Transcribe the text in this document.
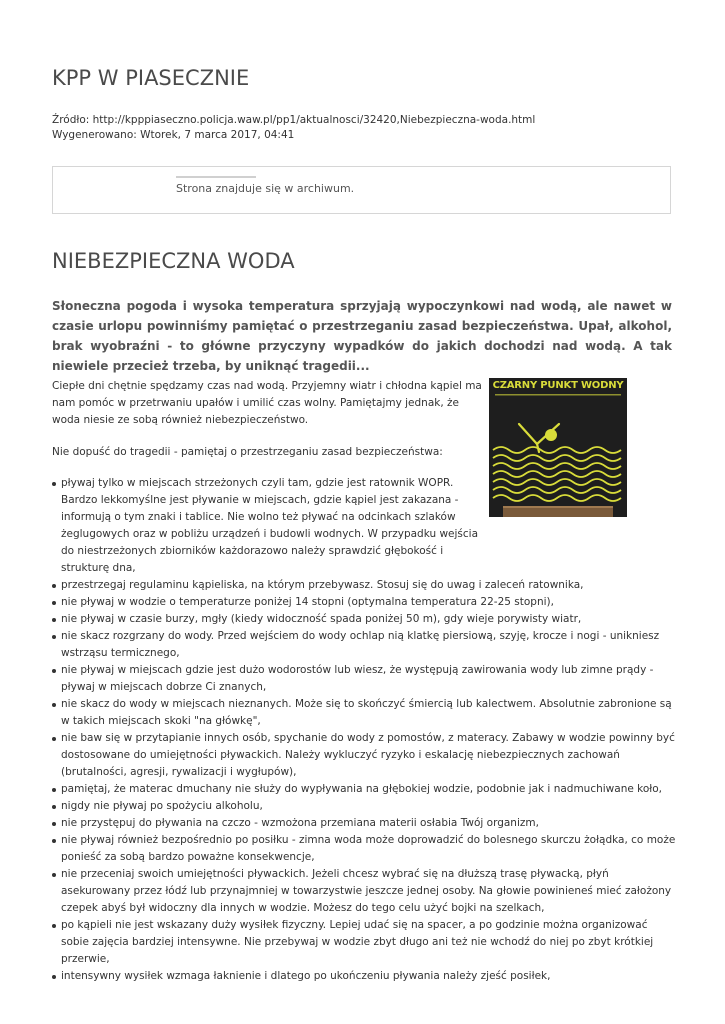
KPP W PIASECZNIE
Źródło: http://kpppiaseczno.policja.waw.pl/pp1/aktualnosci/32420,Niebezpieczna-woda.html
Wygenerowano: Wtorek, 7 marca 2017, 04:41
Strona znajduje się w archiwum.
NIEBEZPIECZNA WODA

Słoneczna pogoda i wysoka temperatura sprzyjają wypoczynkowi nad wodą, ale nawet w czasie urlopu powinniśmy pamiętać o przestrzeganiu zasad bezpieczeństwa. Upał, alkohol, brak wyobraźni - to główne przyczyny wypadków do jakich dochodzi nad wodą. A tak niewiele przecież trzeba, by uniknąć tragedii...

Ciepłe dni chętnie spędzamy czas nad wodą. Przyjemny wiatr i chłodna kąpiel ma nam pomóc w przetrwaniu upałów i umilić czas wolny. Pamiętajmy jednak, że woda niesie ze sobą również niebezpieczeństwo.

CZARNY PUNKT WODNY

Nie dopuść do tragedii - pamiętaj o przestrzeganiu zasad bezpieczeństwa:

pływaj tylko w miejscach strzeżonych czyli tam, gdzie jest ratownik WOPR. Bardzo lekkomyślne jest pływanie w miejscach, gdzie kąpiel jest zakazana - informują o tym znaki i tablice. Nie wolno też pływać na odcinkach szlaków żeglugowych oraz w pobliżu urządzeń i budowli wodnych. W przypadku wejścia do niestrzeżonych zbiorników każdorazowo należy sprawdzić głębokość i strukturę dna,
przestrzegaj regulaminu kąpieliska, na którym przebywasz. Stosuj się do uwag i zaleceń ratownika,
nie pływaj w wodzie o temperaturze poniżej 14 stopni (optymalna temperatura 22-25 stopni),
nie pływaj w czasie burzy, mgły (kiedy widoczność spada poniżej 50 m), gdy wieje porywisty wiatr,
nie skacz rozgrzany do wody. Przed wejściem do wody ochlap nią klatkę piersiową, szyję, krocze i nogi - unikniesz wstrząsu termicznego,
nie pływaj w miejscach gdzie jest dużo wodorostów lub wiesz, że występują zawirowania wody lub zimne prądy - pływaj w miejscach dobrze Ci znanych,
nie skacz do wody w miejscach nieznanych. Może się to skończyć śmiercią lub kalectwem. Absolutnie zabronione są w takich miejscach skoki "na główkę",
nie baw się w przytapianie innych osób, spychanie do wody z pomostów, z materacy. Zabawy w wodzie powinny być dostosowane do umiejętności pływackich. Należy wykluczyć ryzyko i eskalację niebezpiecznych zachowań (brutalności, agresji, rywalizacji i wygłupów),
pamiętaj, że materac dmuchany nie służy do wypływania na głębokiej wodzie, podobnie jak i nadmuchiwane koło,
nigdy nie pływaj po spożyciu alkoholu,
nie przystępuj do pływania na czczo - wzmożona przemiana materii osłabia Twój organizm,
nie pływaj również bezpośrednio po posiłku - zimna woda może doprowadzić do bolesnego skurczu żołądka, co może ponieść za sobą bardzo poważne konsekwencje,
nie przeceniaj swoich umiejętności pływackich. Jeżeli chcesz wybrać się na dłuższą trasę pływacką, płyń asekurowany przez łódź lub przynajmniej w towarzystwie jeszcze jednej osoby. Na głowie powinieneś mieć założony czepek abyś był widoczny dla innych w wodzie. Możesz do tego celu użyć bojki na szelkach,
po kąpieli nie jest wskazany duży wysiłek fizyczny. Lepiej udać się na spacer, a po godzinie można organizować sobie zajęcia bardziej intensywne. Nie przebywaj w wodzie zbyt długo ani też nie wchodź do niej po zbyt krótkiej przerwie,
intensywny wysiłek wzmaga łaknienie i dlatego po ukończeniu pływania należy zjeść posiłek,
